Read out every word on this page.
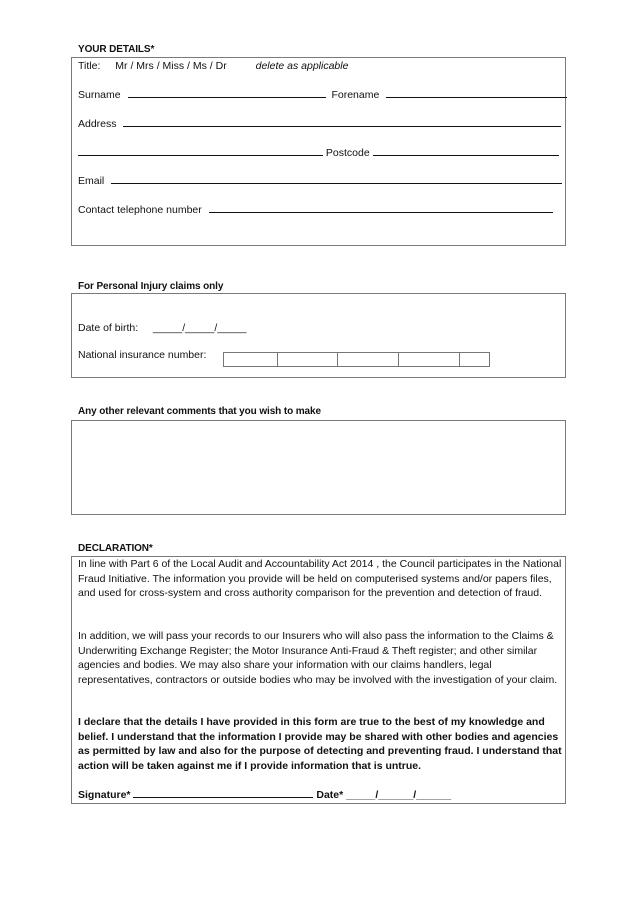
YOUR DETAILS*
Title: Mr / Mrs / Miss / Ms / Dr	delete as applicable
Surname	Forename
Address
Postcode
Email
Contact telephone number
For Personal Injury claims only
Date of birth: _____/_____/_____
National insurance number:
Any other relevant comments that you wish to make
DECLARATION*
In line with Part 6 of the Local Audit and Accountability Act 2014 , the Council participates in the National Fraud Initiative. The information you provide will be held on computerised systems and/or papers files, and used for cross-system and cross authority comparison for the prevention and detection of fraud.
In addition, we will pass your records to our Insurers who will also pass the information to the Claims & Underwriting Exchange Register; the Motor Insurance Anti-Fraud & Theft register; and other similar agencies and bodies. We may also share your information with our claims handlers, legal representatives, contractors or outside bodies who may be involved with the investigation of your claim.
I declare that the details I have provided in this form are true to the best of my knowledge and belief. I understand that the information I provide may be shared with other bodies and agencies as permitted by law and also for the purpose of detecting and preventing fraud. I understand that action will be taken against me if I provide information that is untrue.
Signature*	Date* _____/______/______
